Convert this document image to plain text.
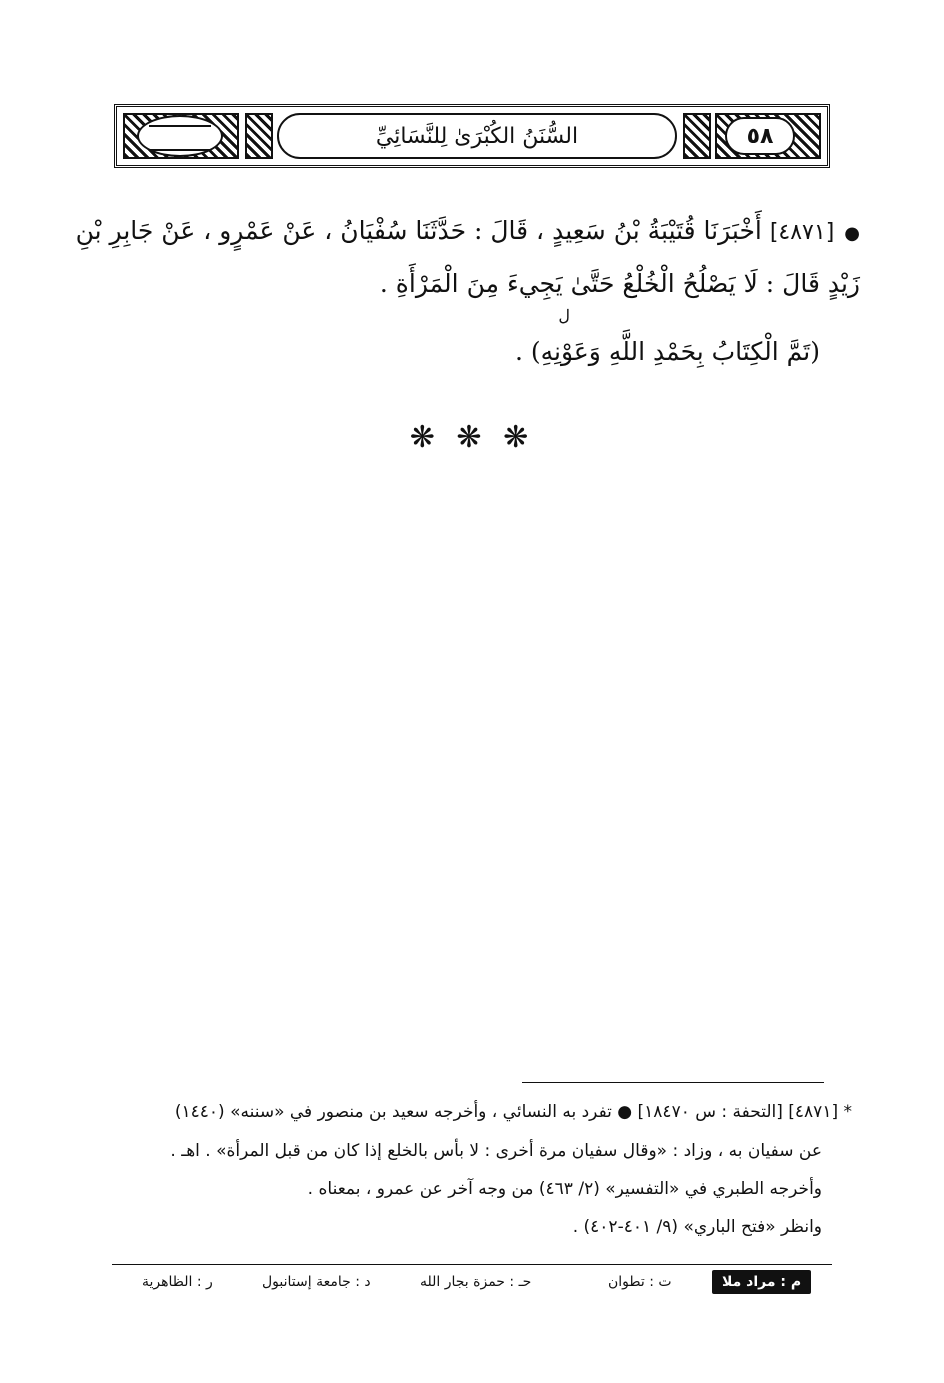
السُّنَنُ الكُبْرَىٰ لِلنَّسَائِيِّ	٥٨
●[٤٨٧١] أَخْبَرَنَا قُتَيْبَةُ بْنُ سَعِيدٍ ، قَالَ : حَدَّثَنَا سُفْيَانُ ، عَنْ عَمْرٍو ، عَنْ جَابِرِ بْنِ
زَيْدٍ قَالَ : لَا يَصْلُحُ الْخُلْعُ حَتَّىٰ يَجِيءَ مِنَ الْمَرْأَةِ .
(تَمَّ الْكِتَابُ بِحَمْدِ اللَّهِ وَعَوْنِهِ) .
ل
❋ ❋ ❋
* [٤٨٧١] [التحفة : س ١٨٤٧٠] ● تفرد به النسائي ، وأخرجه سعيد بن منصور في «سننه» (١٤٤٠)
عن سفيان به ، وزاد : «وقال سفيان مرة أخرى : لا بأس بالخلع إذا كان من قبل المرأة» . اهـ .
وأخرجه الطبري في «التفسير» (٢/ ٤٦٣) من وجه آخر عن عمرو ، بمعناه .
وانظر «فتح الباري» (٩/ ٤٠١-٤٠٢) .
م : مراد ملا
ت : تطوان
حـ : حمزة بجار الله
د : جامعة إستانبول
ر : الظاهرية
